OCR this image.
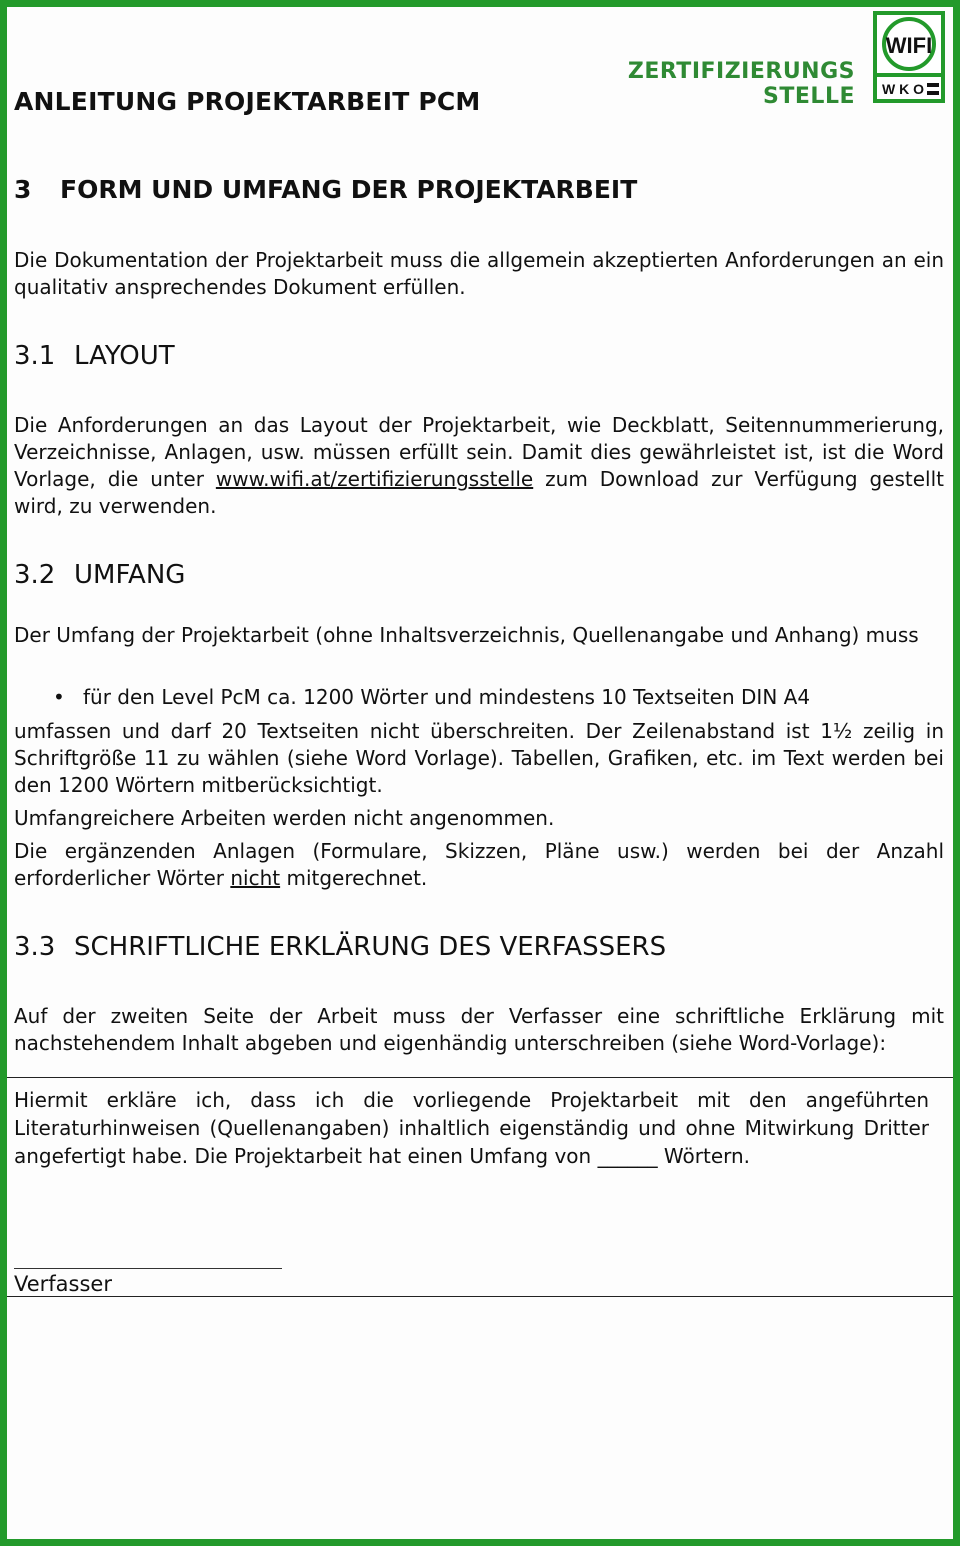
ANLEITUNG PROJEKTARBEIT PCM
ZERTIFIZIERUNGS
STELLE
WIFI
W K O
3 FORM UND UMFANG DER PROJEKTARBEIT
Die Dokumentation der Projektarbeit muss die allgemein akzeptierten Anforderungen an ein qualitativ ansprechendes Dokument erfüllen.
3.1 LAYOUT
Die Anforderungen an das Layout der Projektarbeit, wie Deckblatt, Seitennummerierung, Verzeichnisse, Anlagen, usw. müssen erfüllt sein. Damit dies gewährleistet ist, ist die Word Vorlage, die unter www.wifi.at/zertifizierungsstelle zum Download zur Verfügung gestellt wird, zu verwenden.
3.2 UMFANG
Der Umfang der Projektarbeit (ohne Inhaltsverzeichnis, Quellenangabe und Anhang) muss
• für den Level PcM ca. 1200 Wörter und mindestens 10 Textseiten DIN A4
umfassen und darf 20 Textseiten nicht überschreiten. Der Zeilenabstand ist 1½ zeilig in Schriftgröße 11 zu wählen (siehe Word Vorlage). Tabellen, Grafiken, etc. im Text werden bei den 1200 Wörtern mitberücksichtigt.
Umfangreichere Arbeiten werden nicht angenommen.
Die ergänzenden Anlagen (Formulare, Skizzen, Pläne usw.) werden bei der Anzahl erforderlicher Wörter nicht mitgerechnet.
3.3 SCHRIFTLICHE ERKLÄRUNG DES VERFASSERS
Auf der zweiten Seite der Arbeit muss der Verfasser eine schriftliche Erklärung mit nachstehendem Inhalt abgeben und eigenhändig unterschreiben (siehe Word-Vorlage):
Hiermit erkläre ich, dass ich die vorliegende Projektarbeit mit den angeführten Literaturhinweisen (Quellenangaben) inhaltlich eigenständig und ohne Mitwirkung Dritter angefertigt habe. Die Projektarbeit hat einen Umfang von ______ Wörtern.
Verfasser
